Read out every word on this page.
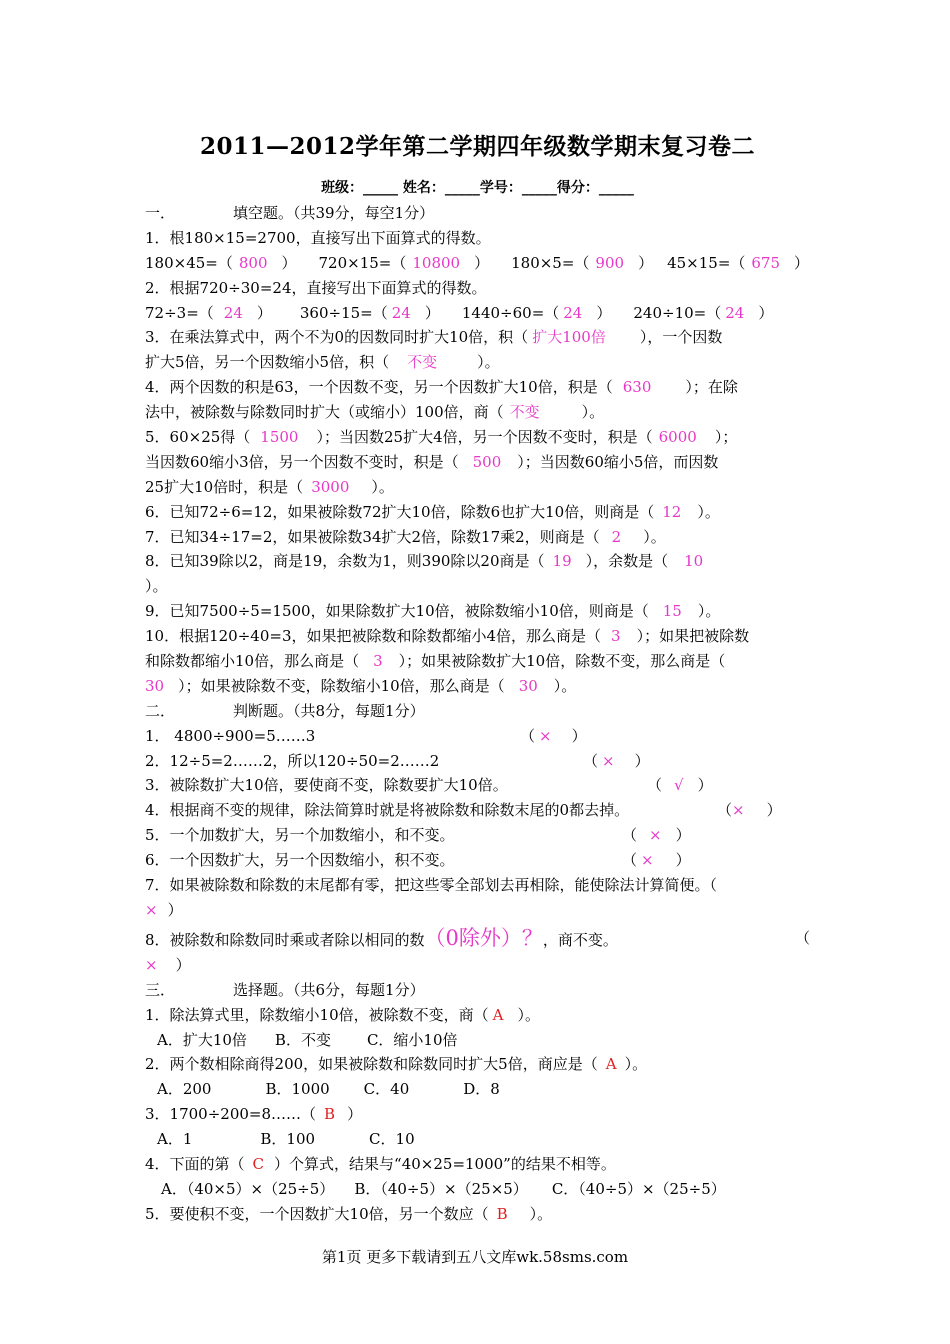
2011—2012学年第二学期四年级数学期末复习卷二
班级：_____ 姓名：_____学号：_____得分：_____
一．	填空题。（共39分，每空1分）
1．根180×15=2700，直接写出下面算式的得数。
180×45=（ 800 ） 720×15=（ 10800 ） 180×5=（ 900 ） 45×15=（ 675 ）
2．根据720÷30=24，直接写出下面算式的得数。
72÷3=（ 24 ） 360÷15=（ 24 ） 1440÷60=（ 24 ） 240÷10=（ 24 ）
3．在乘法算式中，两个不为0的因数同时扩大10倍，积（ 扩大100倍 ），一个因数
扩大5倍，另一个因数缩小5倍，积（ 不变	）。
4．两个因数的积是63，一个因数不变，另一个因数扩大10倍，积是（ 630 ）；在除
法中，被除数与除数同时扩大（或缩小）100倍，商（ 不变	）。
5．60×25得（ 1500 ）；当因数25扩大4倍，另一个因数不变时，积是（ 6000 ）；
当因数60缩小3倍，另一个因数不变时，积是（ 500 ）；当因数60缩小5倍，而因数
25扩大10倍时，积是（ 3000 ）。
6．已知72÷6=12，如果被除数72扩大10倍，除数6也扩大10倍，则商是（ 12 ）。
7．已知34÷17=2，如果被除数34扩大2倍，除数17乘2，则商是（ 2 ）。
8．已知39除以2，商是19，余数为1，则390除以20商是（ 19 ），余数是（ 10
）。
9．已知7500÷5=1500，如果除数扩大10倍，被除数缩小10倍，则商是（ 15 ）。
10．根据120÷40=3，如果把被除数和除数都缩小4倍，那么商是（ 3 ）；如果把被除数
和除数都缩小10倍，那么商是（ 3 ）；如果被除数扩大10倍，除数不变，那么商是（
30 ）；如果被除数不变，除数缩小10倍，那么商是（ 30 ）。
二．	判断题。（共8分，每题1分）
1． 4800÷900=5……3	（ × ）
2．12÷5=2……2，所以120÷50=2……2	（ × ）
3．被除数扩大10倍，要使商不变，除数要扩大10倍。	（ √ ）
4．根据商不变的规律，除法简算时就是将被除数和除数末尾的0都去掉。	（× ）
5．一个加数扩大，另一个加数缩小，和不变。	（ × ）
6．一个因数扩大，另一个因数缩小，积不变。	（ × ）
7．如果被除数和除数的末尾都有零，把这些零全部划去再相除，能使除法计算简便。（
× ）
8．被除数和除数同时乘或者除以相同的数（0除外）？，商不变。	（
× ）
三．	选择题。（共6分，每题1分）
1．除法算式里，除数缩小10倍，被除数不变，商（ A ）。
A．扩大10倍 B．不变 C．缩小10倍
2．两个数相除商得200，如果被除数和除数同时扩大5倍，商应是（ A ）。
A．200	B．1000 C．40	D．8
3．1700÷200=8……（ B ）
A．1	B．100	C．10
4．下面的第（ C ）个算式，结果与“40×25=1000”的结果不相等。
A．（40×5）×（25÷5） B．（40÷5）×（25×5） C．（40÷5）×（25÷5）
5．要使积不变，一个因数扩大10倍，另一个数应（ B ）。
第1页 更多下载请到五八文库wk.58sms.com
